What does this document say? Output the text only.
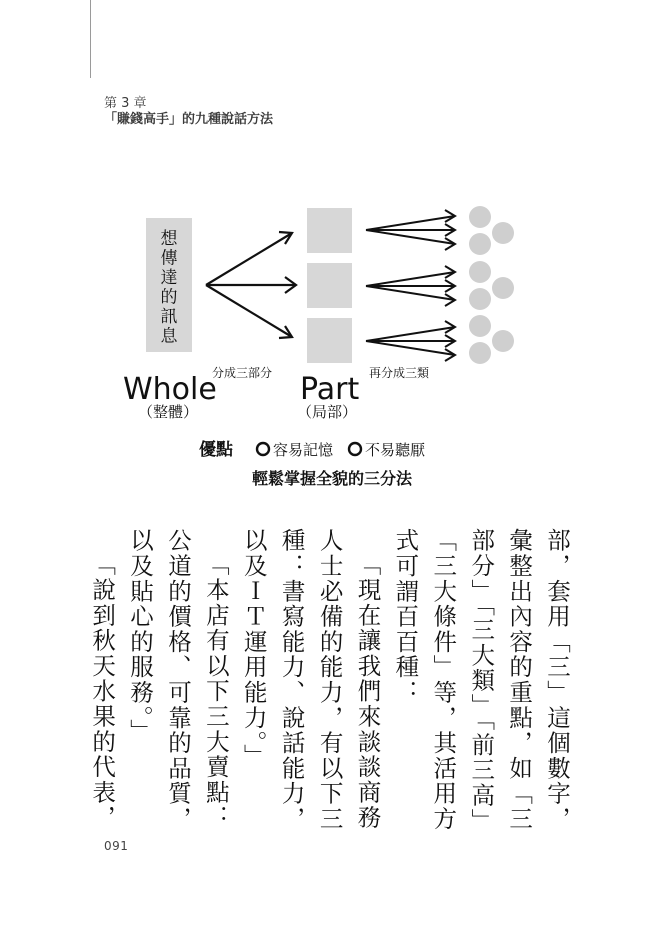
第 3 章
「賺錢高手」的九種說話方法
想傳達的訊息
Whole
（整體）
分成三部分 Part
（局部）
再分成三類
優點	容易記憶 不易聽厭
輕鬆掌握全貌的三分法

部，套用「三」這個數字，彙整出內容的重點，如「三部分」「三大類」「前三高」「三大條件」等，其活用方式可謂百百種：

「現在讓我們來談談商務人士必備的能力，有以下三種：書寫能力、說話能力，以及ＩＴ運用能力。」

「本店有以下三大賣點：公道的價格、可靠的品質，以及貼心的服務。」

「說到秋天水果的代表，

091
